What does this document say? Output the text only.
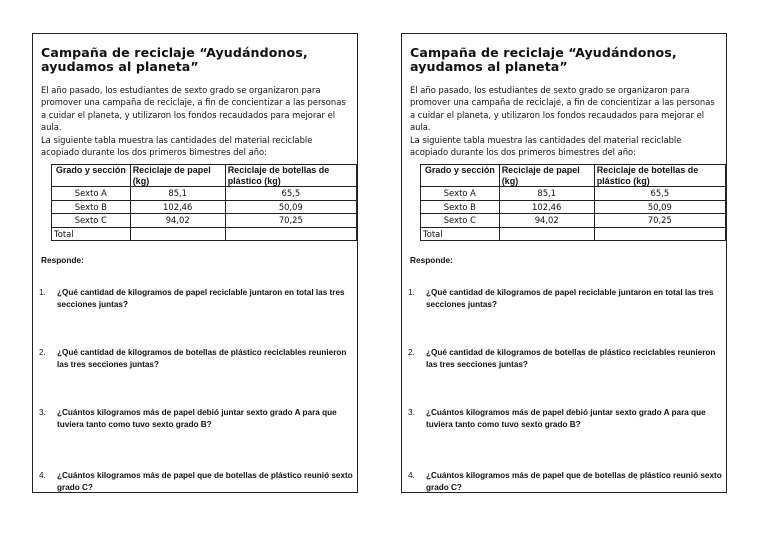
Campaña de reciclaje “Ayudándonos, ayudamos al planeta”
El año pasado, los estudiantes de sexto grado se organizaron para promover una campaña de reciclaje, a fin de concientizar a las personas a cuidar el planeta, y utilizaron los fondos recaudados para mejorar el aula.
La siguiente tabla muestra las cantidades del material reciclable acopiado durante los dos primeros bimestres del año:
Grado y sección	Reciclaje de papel (kg)	Reciclaje de botellas de plástico (kg)
Sexto A	85,1	65,5
Sexto B	102,46	50,09
Sexto C	94,02	70,25
Total		
Responde:
1. ¿Qué cantidad de kilogramos de papel reciclable juntaron en total las tres secciones juntas?
2. ¿Qué cantidad de kilogramos de botellas de plástico reciclables reunieron las tres secciones juntas?
3. ¿Cuántos kilogramos más de papel debió juntar sexto grado A para que tuviera tanto como tuvo sexto grado B?
4. ¿Cuántos kilogramos más de papel que de botellas de plástico reunió sexto grado C?
Campaña de reciclaje “Ayudándonos, ayudamos al planeta”
El año pasado, los estudiantes de sexto grado se organizaron para promover una campaña de reciclaje, a fin de concientizar a las personas a cuidar el planeta, y utilizaron los fondos recaudados para mejorar el aula.
La siguiente tabla muestra las cantidades del material reciclable acopiado durante los dos primeros bimestres del año:
Grado y sección	Reciclaje de papel (kg)	Reciclaje de botellas de plástico (kg)
Sexto A	85,1	65,5
Sexto B	102,46	50,09
Sexto C	94,02	70,25
Total		
Responde:
1. ¿Qué cantidad de kilogramos de papel reciclable juntaron en total las tres secciones juntas?
2. ¿Qué cantidad de kilogramos de botellas de plástico reciclables reunieron las tres secciones juntas?
3. ¿Cuántos kilogramos más de papel debió juntar sexto grado A para que tuviera tanto como tuvo sexto grado B?
4. ¿Cuántos kilogramos más de papel que de botellas de plástico reunió sexto grado C?
